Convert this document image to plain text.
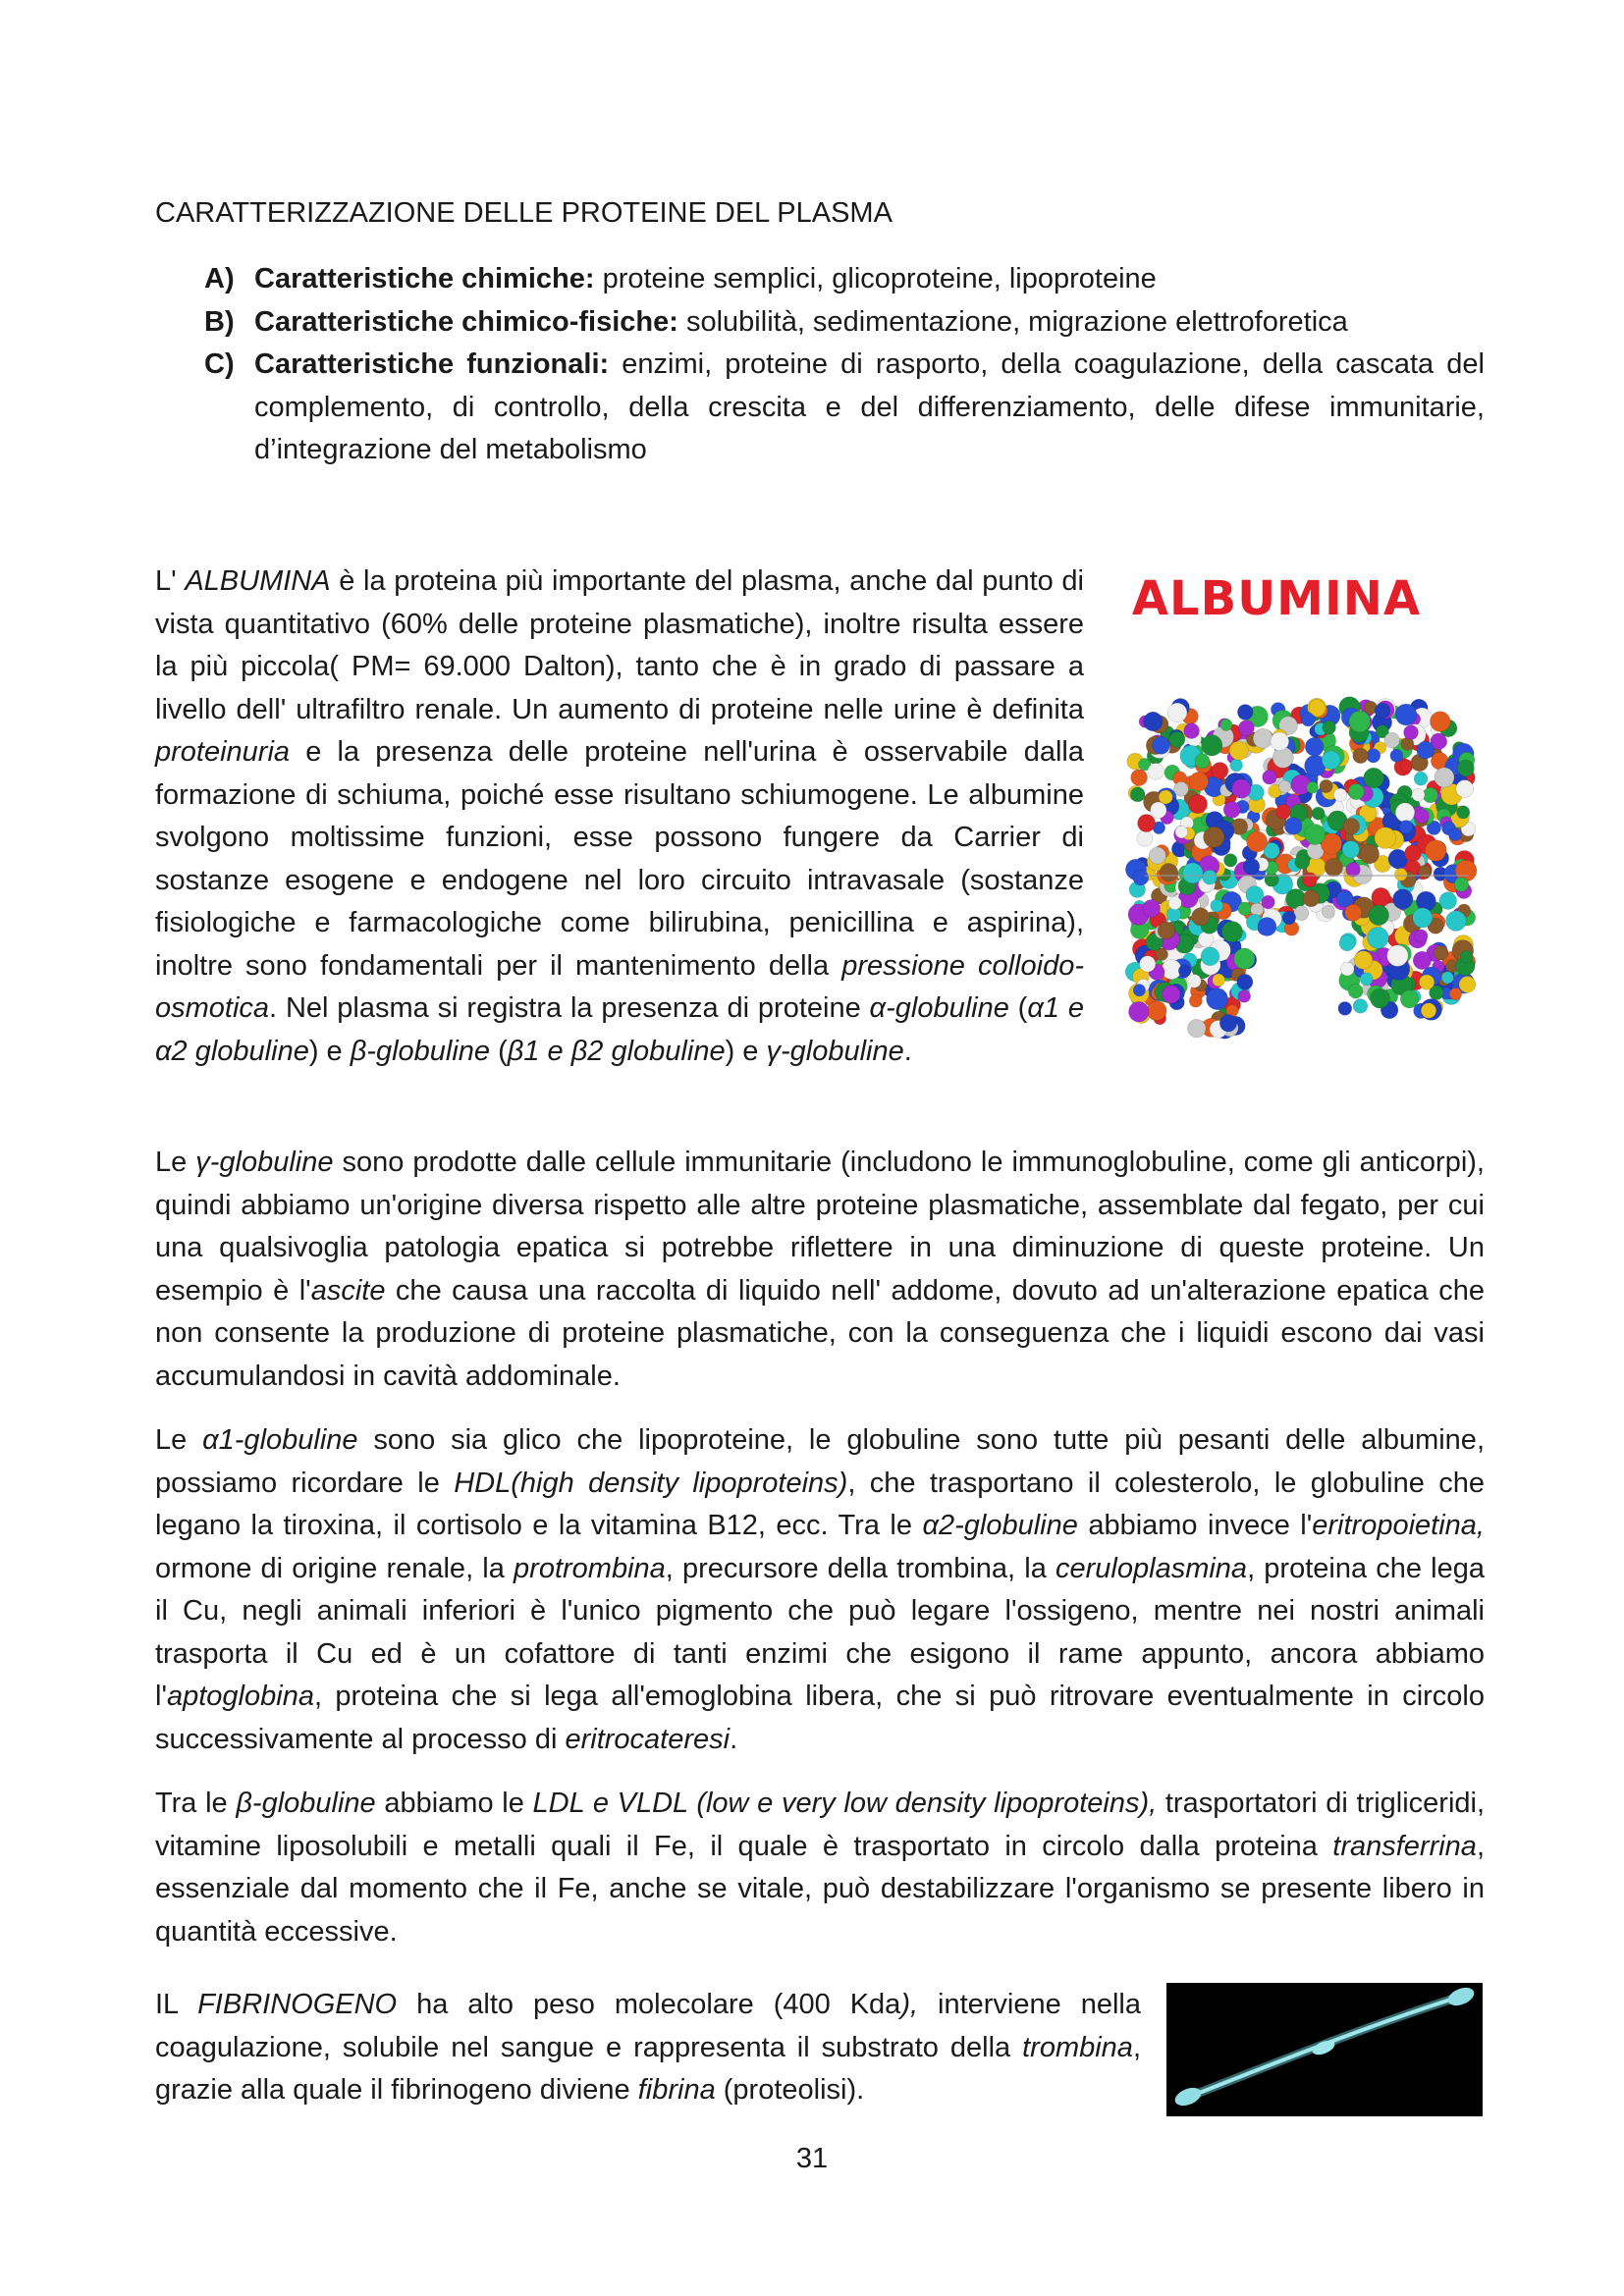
CARATTERIZZAZIONE DELLE PROTEINE DEL PLASMA
A) Caratteristiche chimiche: proteine semplici, glicoproteine, lipoproteine
B) Caratteristiche chimico-fisiche: solubilità, sedimentazione, migrazione elettroforetica
C) Caratteristiche funzionali: enzimi, proteine di rasporto, della coagulazione, della cascata del complemento, di controllo, della crescita e del differenziamento, delle difese immunitarie, d’integrazione del metabolismo

L' ALBUMINA è la proteina più importante del plasma, anche dal punto di vista quantitativo (60% delle proteine plasmatiche), inoltre risulta essere la più piccola( PM= 69.000 Dalton), tanto che è in grado di passare a livello dell' ultrafiltro renale. Un aumento di proteine nelle urine è definita proteinuria e la presenza delle proteine nell'urina è osservabile dalla formazione di schiuma, poiché esse risultano schiumogene. Le albumine svolgono moltissime funzioni, esse possono fungere da Carrier di sostanze esogene e endogene nel loro circuito intravasale (sostanze fisiologiche e farmacologiche come bilirubina, penicillina e aspirina), inoltre sono fondamentali per il mantenimento della pressione colloido-osmotica. Nel plasma si registra la presenza di proteine α-globuline (α1 e α2 globuline) e β-globuline (β1 e β2 globuline) e γ-globuline.

ALBUMINA

Le γ-globuline sono prodotte dalle cellule immunitarie (includono le immunoglobuline, come gli anticorpi), quindi abbiamo un'origine diversa rispetto alle altre proteine plasmatiche, assemblate dal fegato, per cui una qualsivoglia patologia epatica si potrebbe riflettere in una diminuzione di queste proteine. Un esempio è l'ascite che causa una raccolta di liquido nell' addome, dovuto ad un'alterazione epatica che non consente la produzione di proteine plasmatiche, con la conseguenza che i liquidi escono dai vasi accumulandosi in cavità addominale.

Le α1-globuline sono sia glico che lipoproteine, le globuline sono tutte più pesanti delle albumine, possiamo ricordare le HDL(high density lipoproteins), che trasportano il colesterolo, le globuline che legano la tiroxina, il cortisolo e la vitamina B12, ecc. Tra le α2-globuline abbiamo invece l'eritropoietina, ormone di origine renale, la protrombina, precursore della trombina, la ceruloplasmina, proteina che lega il Cu, negli animali inferiori è l'unico pigmento che può legare l'ossigeno, mentre nei nostri animali trasporta il Cu ed è un cofattore di tanti enzimi che esigono il rame appunto, ancora abbiamo l'aptoglobina, proteina che si lega all'emoglobina libera, che si può ritrovare eventualmente in circolo successivamente al processo di eritrocateresi.

Tra le β-globuline abbiamo le LDL e VLDL (low e very low density lipoproteins), trasportatori di trigliceridi, vitamine liposolubili e metalli quali il Fe, il quale è trasportato in circolo dalla proteina transferrina, essenziale dal momento che il Fe, anche se vitale, può destabilizzare l'organismo se presente libero in quantità eccessive.

IL FIBRINOGENO ha alto peso molecolare (400 Kda), interviene nella coagulazione, solubile nel sangue e rappresenta il substrato della trombina, grazie alla quale il fibrinogeno diviene fibrina (proteolisi).

31
